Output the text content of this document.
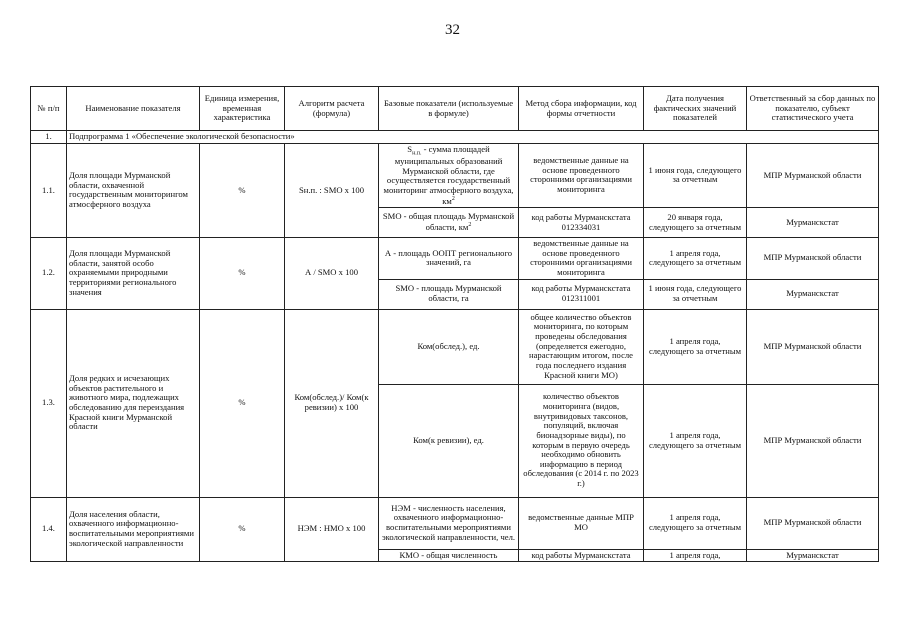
32
№ п/п	Наименование показателя	Единица измерения, временная характеристика	Алгоритм расчета (формула)	Базовые показатели (используемые в формуле)	Метод сбора информации, код формы отчетности	Дата получения фактических значений показателей	Ответственный за сбор данных по показателю, субъект статистического учета
1.	Подпрограмма 1 «Обеспечение экологической безопасности»						
1.1.	Доля площади Мурманской области, охваченной государственным мониторингом атмосферного воздуха	%	Sн.п. : SМО х 100	$S_{н.п.}$ - сумма площадей муниципальных образований Мурманской области, где осуществляется государственный мониторинг атмосферного воздуха, $км^2$	ведомственные данные на основе проведенного сторонними организациями мониторинга	1 июня года, следующего за отчетным	МПР Мурманской области
				SМО - общая площадь Мурманской области, $км^2$	код работы Мурманскстата 012334031	20 января года, следующего за отчетным	Мурманскстат
1.2.	Доля площади Мурманской области, занятой особо охраняемыми природными территориями регионального значения	%	А / SМО х 100	А - площадь ООПТ регионального значений, га	ведомственные данные на основе проведенного сторонними организациями мониторинга	1 апреля года, следующего за отчетным	МПР Мурманской области
				SМО - площадь Мурманской области, га	код работы Мурманскстата 012311001	1 июня года, следующего за отчетным	Мурманскстат
1.3.	Доля редких и исчезающих объектов растительного и животного мира, подлежащих обследованию для переиздания Красной книги Мурманской области	%	Ком(обслед.)/ Ком(к ревизии) х 100	Ком(обслед.), ед.	общее количество объектов мониторинга, по которым проведены обследования (определяется ежегодно, нарастающим итогом, после года последнего издания Красной книги МО)	1 апреля года, следующего за отчетным	МПР Мурманской области
				Ком(к ревизии), ед.	количество объектов мониторинга (видов, внутривидовых таксонов, популяций, включая бионадзорные виды), по которым в первую очередь необходимо обновить информацию в период обследования (с 2014 г. по 2023 г.)	1 апреля года, следующего за отчетным	МПР Мурманской области
1.4.	Доля населения области, охваченного информационно-воспитательными мероприятиями экологической направленности	%	НЭМ : НМО х 100	НЭМ - численность населения, охваченного информационно-воспитательными мероприятиями экологической направленности, чел.	ведомственные данные МПР МО	1 апреля года, следующего за отчетным	МПР Мурманской области

				КМО - общая численность	код работы Мурманскстата	1 апреля года,	Мурманскстат
